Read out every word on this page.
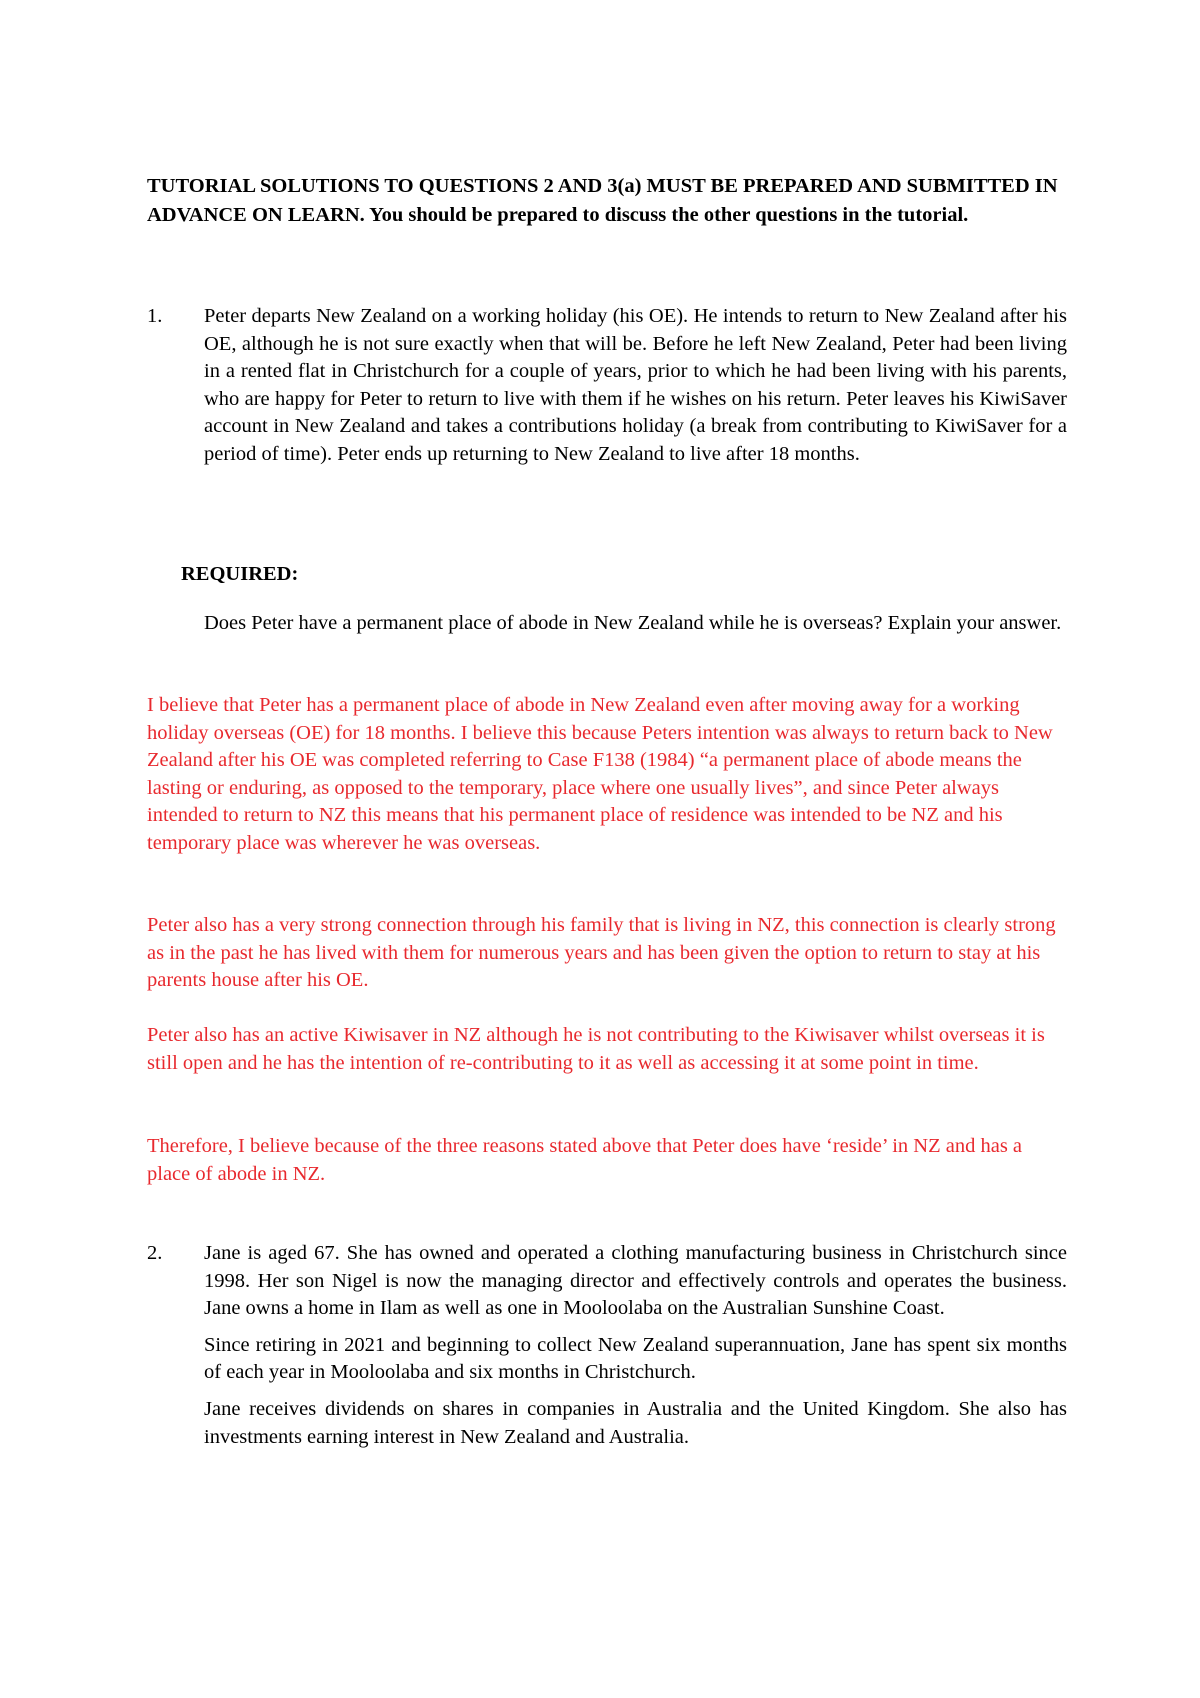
TUTORIAL SOLUTIONS TO QUESTIONS 2 AND 3(a) MUST BE PREPARED AND SUBMITTED IN ADVANCE ON LEARN. You should be prepared to discuss the other questions in the tutorial.
1. Peter departs New Zealand on a working holiday (his OE). He intends to return to New Zealand after his OE, although he is not sure exactly when that will be. Before he left New Zealand, Peter had been living in a rented flat in Christchurch for a couple of years, prior to which he had been living with his parents, who are happy for Peter to return to live with them if he wishes on his return. Peter leaves his KiwiSaver account in New Zealand and takes a contributions holiday (a break from contributing to KiwiSaver for a period of time). Peter ends up returning to New Zealand to live after 18 months.

REQUIRED:
Does Peter have a permanent place of abode in New Zealand while he is overseas? Explain your answer.
I believe that Peter has a permanent place of abode in New Zealand even after moving away for a working holiday overseas (OE) for 18 months. I believe this because Peters intention was always to return back to New Zealand after his OE was completed referring to Case F138 (1984) “a permanent place of abode means the lasting or enduring, as opposed to the temporary, place where one usually lives”, and since Peter always intended to return to NZ this means that his permanent place of residence was intended to be NZ and his temporary place was wherever he was overseas.
Peter also has a very strong connection through his family that is living in NZ, this connection is clearly strong as in the past he has lived with them for numerous years and has been given the option to return to stay at his parents house after his OE.
Peter also has an active Kiwisaver in NZ although he is not contributing to the Kiwisaver whilst overseas it is still open and he has the intention of re-contributing to it as well as accessing it at some point in time.
Therefore, I believe because of the three reasons stated above that Peter does have ‘reside’ in NZ and has a place of abode in NZ.
2. Jane is aged 67. She has owned and operated a clothing manufacturing business in Christchurch since 1998. Her son Nigel is now the managing director and effectively controls and operates the business. Jane owns a home in Ilam as well as one in Mooloolaba on the Australian Sunshine Coast.

Since retiring in 2021 and beginning to collect New Zealand superannuation, Jane has spent six months of each year in Mooloolaba and six months in Christchurch.

Jane receives dividends on shares in companies in Australia and the United Kingdom. She also has investments earning interest in New Zealand and Australia.
